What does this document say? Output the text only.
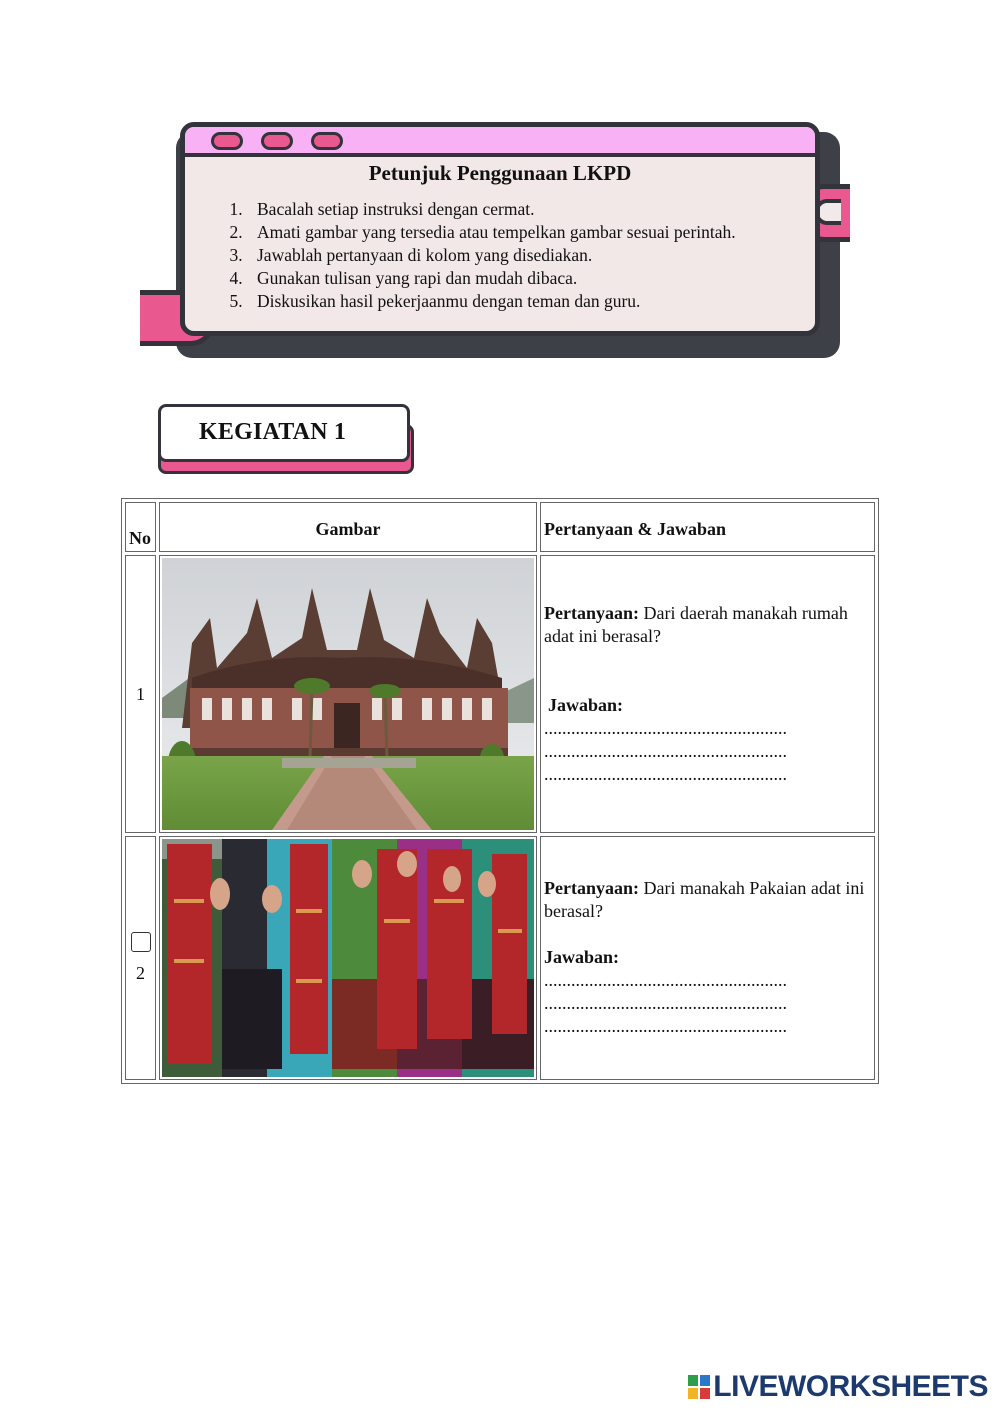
Petunjuk Penggunaan LKPD
1. Bacalah setiap instruksi dengan cermat.
2. Amati gambar yang tersedia atau tempelkan gambar sesuai perintah.
3. Jawablah pertanyaan di kolom yang disediakan.
4. Gunakan tulisan yang rapi dan mudah dibaca.
5. Diskusikan hasil pekerjaanmu dengan teman dan guru.
KEGIATAN 1
No	Gambar	Pertanyaan & Jawaban

1		Pertanyaan: Dari daerah manakah rumah adat ini berasal?
Jawaban:
......................................................
......................................................
......................................................

2		Pertanyaan: Dari manakah Pakaian adat ini berasal?
Jawaban:
......................................................
......................................................
......................................................
LIVEWORKSHEETS
